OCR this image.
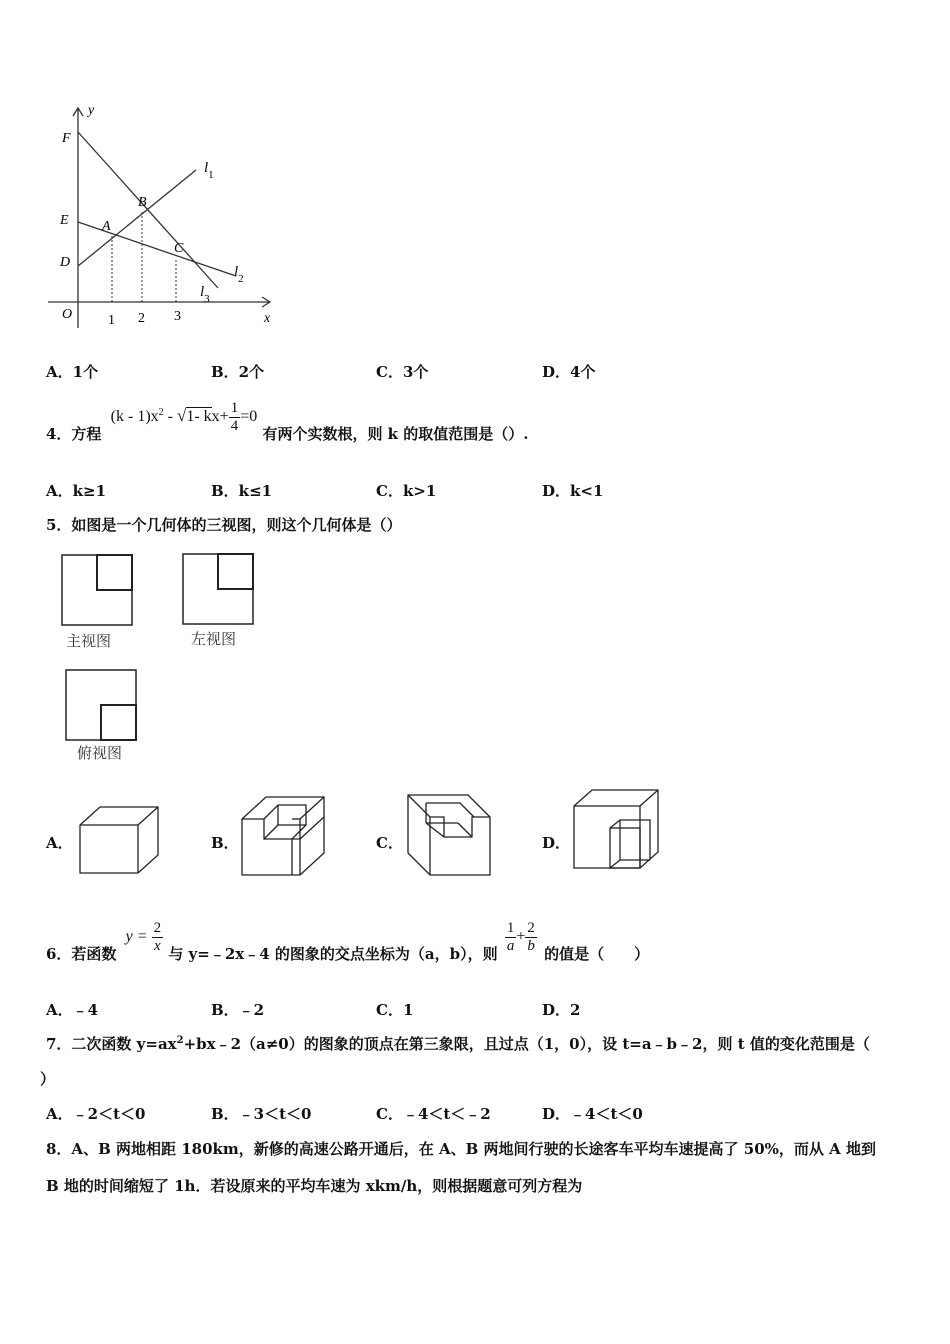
y
x
O
F
E
D
A
B
C
$l_1$
$l_2$
$l_3$
1 2 3
A．1个	B．2个	C．3个	D．4个
4．方程 $(k - 1)x^2 - √1-$ $kx+ \frac{1}{4} =0$ 有两个实数根，则 k 的取值范围是（）.
A．k≥1	B．k≤1	C．k>1	D．k<1
5．如图是一个几何体的三视图，则这个几何体是（）
主视图	左视图
俯视图
A．	B．	C．	D．
6．若函数 $y = \frac{2}{x}$ 与 y=﹣2x﹣4 的图象的交点坐标为（a，b），则 $\frac{1}{a} + \frac{2}{b}$ 的值是（　　）
A．﹣4	B．﹣2	C．1	D．2
7．二次函数 $y=ax^2+bx﹣2(a\ne 0)$的图象的顶点在第三象限，且过点（1，0），设 t=a﹣b﹣2，则 t 值的变化范围是（
）
A．﹣2＜t＜0	B．﹣3＜t＜0	C．﹣4＜t＜﹣2	D．﹣4＜t＜0
8．A、B 两地相距 180km，新修的高速公路开通后，在 A、B 两地间行驶的长途客车平均车速提高了 50%，而从 A 地到
B 地的时间缩短了 1h．若设原来的平均车速为 xkm/h，则根据题意可列方程为
